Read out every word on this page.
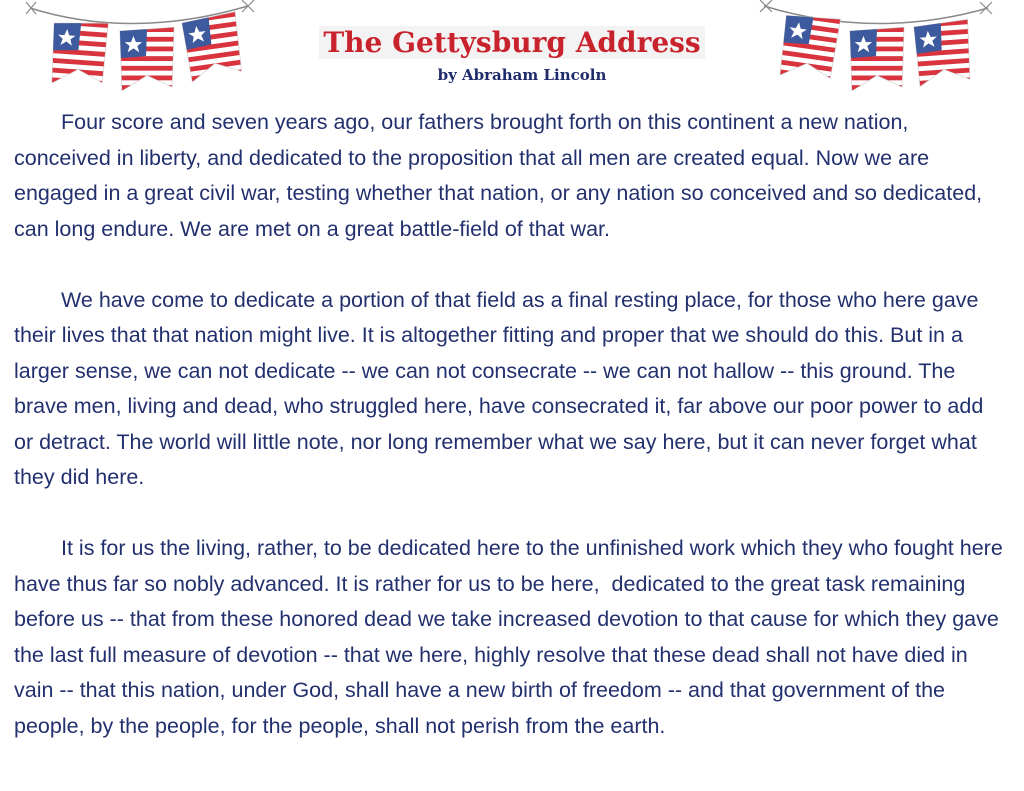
The Gettysburg Address
by Abraham Lincoln

Four score and seven years ago, our fathers brought forth on this continent a new nation, conceived in liberty, and dedicated to the proposition that all men are created equal. Now we are engaged in a great civil war, testing whether that nation, or any nation so conceived and so dedicated, can long endure. We are met on a great battle-field of that war.

We have come to dedicate a portion of that field as a final resting place, for those who here gave their lives that that nation might live. It is altogether fitting and proper that we should do this. But in a larger sense, we can not dedicate -- we can not consecrate -- we can not hallow -- this ground. The brave men, living and dead, who struggled here, have consecrated it, far above our poor power to add or detract. The world will little note, nor long remember what we say here, but it can never forget what they did here.

It is for us the living, rather, to be dedicated here to the unfinished work which they who fought here have thus far so nobly advanced. It is rather for us to be here,  dedicated to the great task remaining before us -- that from these honored dead we take increased devotion to that cause for which they gave the last full measure of devotion -- that we here, highly resolve that these dead shall not have died in vain -- that this nation, under God, shall have a new birth of freedom -- and that government of the people, by the people, for the people, shall not perish from the earth.
